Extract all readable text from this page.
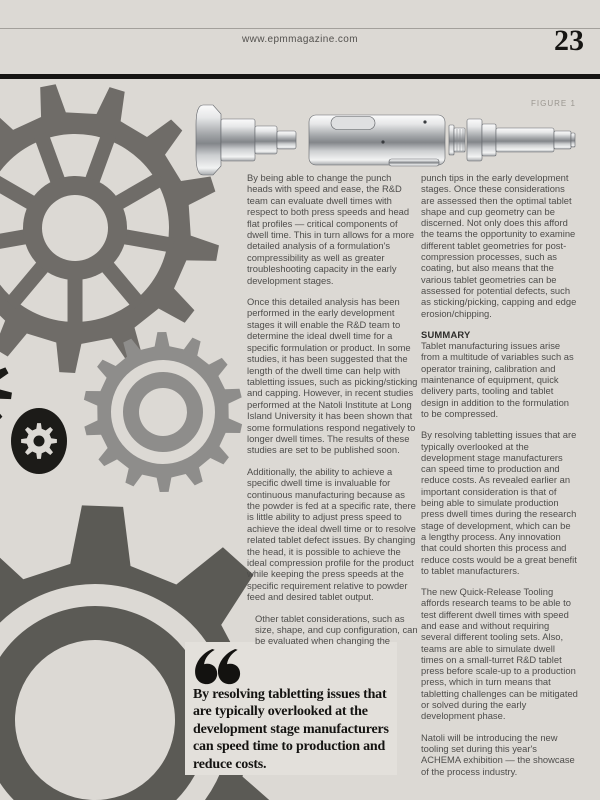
www.epmmagazine.com	23
FIGURE 1

By being able to change the punch heads with speed and ease, the R&D team can evaluate dwell times with respect to both press speeds and head flat profiles — critical components of dwell time. This in turn allows for a more detailed analysis of a formulation's compressibility as well as greater troubleshooting capacity in the early development stages.

Once this detailed analysis has been performed in the early development stages it will enable the R&D team to determine the ideal dwell time for a specific formulation or product. In some studies, it has been suggested that the length of the dwell time can help with tabletting issues, such as picking/sticking and capping. However, in recent studies performed at the Natoli Institute at Long Island University it has been shown that some formulations respond negatively to longer dwell times. The results of these studies are set to be published soon.

Additionally, the ability to achieve a specific dwell time is invaluable for continuous manufacturing because as the powder is fed at a specific rate, there is little ability to adjust press speed to achieve the ideal dwell time or to resolve related tablet defect issues. By changing the head, it is possible to achieve the ideal compression profile for the product while keeping the press speeds at the specific requirement relative to powder feed and desired tablet output.

Other tablet considerations, such as size, shape, and cup configuration, can be evaluated when changing the

punch tips in the early development stages. Once these considerations are assessed then the optimal tablet shape and cup geometry can be discerned. Not only does this afford the teams the opportunity to examine different tablet geometries for post-compression processes, such as coating, but also means that the various tablet geometries can be assessed for potential defects, such as sticking/picking, capping and edge erosion/chipping.

SUMMARY

Tablet manufacturing issues arise from a multitude of variables such as operator training, calibration and maintenance of equipment, quick delivery parts, tooling and tablet design in addition to the formulation to be compressed.

By resolving tabletting issues that are typically overlooked at the development stage manufacturers can speed time to production and reduce costs. As revealed earlier an important consideration is that of being able to simulate production press dwell times during the research stage of development, which can be a lengthy process. Any innovation that could shorten this process and reduce costs would be a great benefit to tablet manufacturers.

The new Quick-Release Tooling affords research teams to be able to test different dwell times with speed and ease and without requiring several different tooling sets. Also, teams are able to simulate dwell times on a small-turret R&D tablet press before scale-up to a production press, which in turn means that tabletting challenges can be mitigated or solved during the early development phase.

Natoli will be introducing the new tooling set during this year's ACHEMA exhibition — the showcase of the process industry.

By resolving tabletting issues that are typically overlooked at the development stage manufacturers can speed time to production and reduce costs.
